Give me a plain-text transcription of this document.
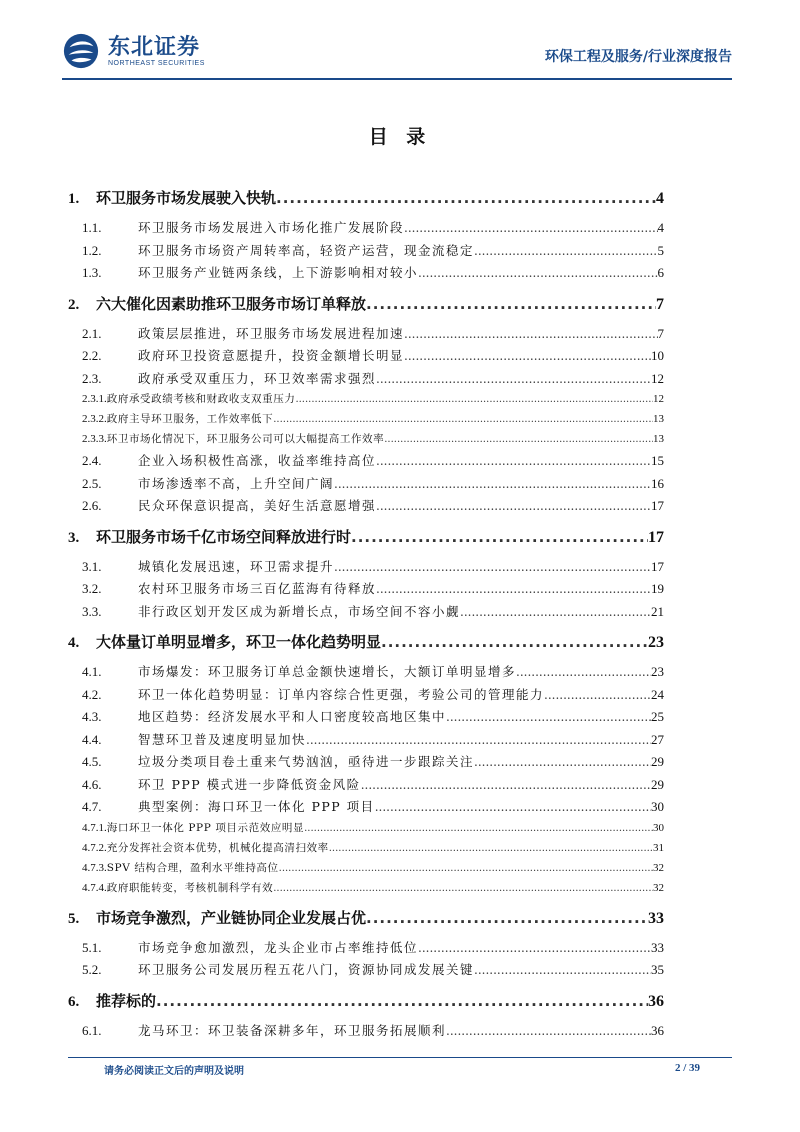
东北证券
NORTHEAST SECURITIES	环保工程及服务/行业深度报告
目 录
1.	环卫服务市场发展驶入快轨 .....	4
1.1.	环卫服务市场发展进入市场化推广发展阶段 .....	4
1.2.	环卫服务市场资产周转率高，轻资产运营，现金流稳定 .....	5
1.3.	环卫服务产业链两条线，上下游影响相对较小 .....	6
2.	六大催化因素助推环卫服务市场订单释放 .....	7
2.1.	政策层层推进，环卫服务市场发展进程加速 .....	7
2.2.	政府环卫投资意愿提升，投资金额增长明显 .....	10
2.3.	政府承受双重压力，环卫效率需求强烈 .....	12
2.3.1. 政府承受政绩考核和财政收支双重压力 .....	12
2.3.2. 政府主导环卫服务，工作效率低下 .....	13
2.3.3. 环卫市场化情况下，环卫服务公司可以大幅提高工作效率 .....	13
2.4.	企业入场积极性高涨，收益率维持高位 .....	15
2.5.	市场渗透率不高，上升空间广阔 .....	16
2.6.	民众环保意识提高，美好生活意愿增强 .....	17
3.	环卫服务市场千亿市场空间释放进行时 .....	17
3.1.	城镇化发展迅速，环卫需求提升 .....	17
3.2.	农村环卫服务市场三百亿蓝海有待释放 .....	19
3.3.	非行政区划开发区成为新增长点，市场空间不容小觑 .....	21
4.	大体量订单明显增多，环卫一体化趋势明显 .....	23
4.1.	市场爆发：环卫服务订单总金额快速增长，大额订单明显增多 .....	23
4.2.	环卫一体化趋势明显：订单内容综合性更强，考验公司的管理能力 .....	24
4.3.	地区趋势：经济发展水平和人口密度较高地区集中 .....	25
4.4.	智慧环卫普及速度明显加快 .....	27
4.5.	垃圾分类项目卷土重来气势汹汹，亟待进一步跟踪关注 .....	29
4.6.	环卫 PPP 模式进一步降低资金风险 .....	29
4.7.	典型案例：海口环卫一体化 PPP 项目 .....	30
4.7.1. 海口环卫一体化 PPP 项目示范效应明显 .....	30
4.7.2. 充分发挥社会资本优势，机械化提高清扫效率 .....	31
4.7.3. SPV 结构合理，盈利水平维持高位 .....	32
4.7.4. 政府职能转变，考核机制科学有效 .....	32
5.	市场竞争激烈，产业链协同企业发展占优 .....	33
5.1.	市场竞争愈加激烈，龙头企业市占率维持低位 .....	33
5.2.	环卫服务公司发展历程五花八门，资源协同成发展关键 .....	35
6.	推荐标的 .....	36
6.1.	龙马环卫：环卫装备深耕多年，环卫服务拓展顺利 .....	36
请务必阅读正文后的声明及说明	2 / 39
